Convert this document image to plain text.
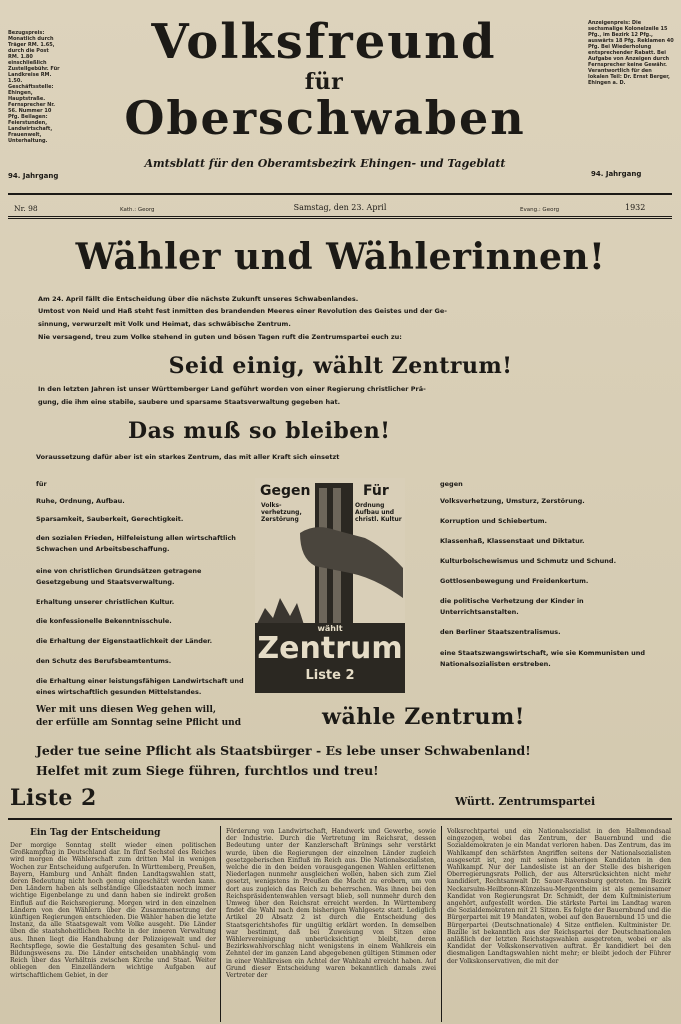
Bezugspreis: Monatlich durch Träger RM. 1.65, durch die Post RM. 1.80 einschließlich Zustellgebühr. Für Landkreise RM. 1.50. Geschäftsstelle: Ehingen, Hauptstraße. Fernsprecher Nr. 56. Nummer 10 Pfg. Beilagen: Feierstunden, Landwirtschaft, Frauenwelt, Unterhaltung.
94. Jahrgang
Anzeigenpreis: Die sechsmalige Kolonelzeile 15 Pfg., im Bezirk 12 Pfg., auswärts 18 Pfg. Reklamen 40 Pfg. Bei Wiederholung entsprechender Rabatt. Bei Aufgabe von Anzeigen durch Fernsprecher keine Gewähr. Verantwortlich für den lokalen Teil: Dr. Ernst Berger, Ehingen a. D.
94. Jahrgang
Volksfreund
für
Oberschwaben
Amtsblatt für den Oberamtsbezirk Ehingen- und Tageblatt
Nr. 98	Kath.: Georg	Samstag, den 23. April	Evang.: Georg	1932
Wähler und Wählerinnen!
Am 24. April fällt die Entscheidung über die nächste Zukunft unseres Schwabenlandes.
Umtost von Neid und Haß steht fest inmitten des brandenden Meeres einer Revolution des Geistes und der Ge-
sinnung, verwurzelt mit Volk und Heimat, das schwäbische Zentrum.
Nie versagend, treu zum Volke stehend in guten und bösen Tagen ruft die Zentrumspartei euch zu:
Seid einig, wählt Zentrum!
In den letzten Jahren ist unser Württemberger Land geführt worden von einer Regierung christlicher Prä-
gung, die ihm eine stabile, saubere und sparsame Staatsverwaltung gegeben hat.
Das muß so bleiben!
Voraussetzung dafür aber ist ein starkes Zentrum, das mit aller Kraft sich einsetzt
für
Ruhe, Ordnung, Aufbau.
Sparsamkeit, Sauberkeit, Gerechtigkeit.
den sozialen Frieden, Hilfeleistung allen wirtschaftlich Schwachen und Arbeitsbeschaffung.
eine von christlichen Grundsätzen getragene Gesetzgebung und Staatsverwaltung.
Erhaltung unserer christlichen Kultur.
die konfessionelle Bekenntnisschule.
die Erhaltung der Eigenstaatlichkeit der Länder.
den Schutz des Berufsbeamtentums.
die Erhaltung einer leistungsfähigen Landwirtschaft und eines wirtschaftlich gesunden Mittelstandes.
gegen
Volksverhetzung, Umsturz, Zerstörung.
Korruption und Schiebertum.
Klassenhaß, Klassenstaat und Diktatur.
Kulturbolschewismus und Schmutz und Schund.
Gottlosenbewegung und Freidenkertum.
die politische Verhetzung der Kinder in Unterrichtsanstalten.
den Berliner Staatszentralismus.
eine Staatszwangswirtschaft, wie sie Kommunisten und Nationalsozialisten erstreben.
Gegen	Für
Volks-
verhetzung,
Zerstörung
Ordnung
Aufbau und
christl. Kultur
wählt
Zentrum
Liste 2
Wer mit uns diesen Weg gehen will,
der erfülle am Sonntag seine Pflicht und	wähle Zentrum!
Jeder tue seine Pflicht als Staatsbürger - Es lebe unser Schwabenland!
Helfet mit zum Siege führen, furchtlos und treu!
Liste 2	Württ. Zentrumspartei
Ein Tag der Entscheidung
Der morgige Sonntag stellt wieder einen politischen Großkampftag in Deutschland dar. In fünf Sechstel des Reiches wird morgen die Wählerschaft zum dritten Mal in wenigen Wochen zur Entscheidung aufgerufen. In Württemberg, Preußen, Bayern, Hamburg und Anhalt finden Landtagswahlen statt, deren Bedeutung nicht hoch genug eingeschätzt werden kann. Den Ländern haben als selbständige Gliedstaaten noch immer wichtige Eigenbelange zu und dann haben sie indirekt großen Einfluß auf die Reichsregierung. Morgen wird in den einzelnen Ländern von den Wählern über die Zusammensetzung der künftigen Regierungen entschieden. Die Wähler haben die letzte Instanz, da alle Staatsgewalt vom Volke ausgeht. Die Länder üben die staatshoheitlichen Rechte in der inneren Verwaltung aus. Ihnen liegt die Handhabung der Polizeigewalt und der Rechtspflege, sowie die Gestaltung des gesamten Schul- und Bildungswesens zu. Die Länder entscheiden unabhängig vom Reich über das Verhältnis zwischen Kirche und Staat. Weiter obliegen den Einzelländern wichtige Aufgaben auf wirtschaftlichem Gebiet, in der
Förderung von Landwirtschaft, Handwerk und Gewerbe, sowie der Industrie. Durch die Vertretung im Reichsrat, dessen Bedeutung unter der Kanzlerschaft Brünings sehr verstärkt wurde, üben die Regierungen der einzelnen Länder zugleich gesetzgeberischen Einfluß im Reich aus. Die Nationalsozialisten, welche die in den beiden vorausgegangenen Wahlen erlittenen Niederlagen nunmehr ausgleichen wollen, haben sich zum Ziel gesetzt, wenigstens in Preußen die Macht zu erobern, um von dort aus zugleich das Reich zu beherrschen. Was ihnen bei den Reichspräsidentenwahlen versagt blieb, soll nunmehr durch den Umweg über den Reichsrat erreicht werden. In Württemberg findet die Wahl nach dem bisherigen Wahlgesetz statt. Lediglich Artikel 20 Absatz 2 ist durch die Entscheidung des Staatsgerichtshofes für ungültig erklärt worden. In demselben war bestimmt, daß bei Zuweisung von Sitzen eine Wählervereinigung unberücksichtigt bleibt, deren Bezirkswahlvorschlag nicht wenigstens in einem Wahlkreis ein Zehntel der im ganzen Land abgegebenen gültigen Stimmen oder in einer Wahlkreisen ein Achtel der Wahlzahl erreicht haben. Auf Grund dieser Entscheidung waren bekanntlich damals zwei Vertreter der
Volksrechtpartei und ein Nationalsozialist in den Halbmondsaal eingezogen, wobei das Zentrum, der Bauernbund und die Sozialdemokraten je ein Mandat verloren haben. Das Zentrum, das im Wahlkampf den schärfsten Angriffen seitens der Nationalsozialisten ausgesetzt ist, zog mit seinen bisherigen Kandidaten in den Wahlkampf. Nur der Landesliste ist an der Stelle des bisherigen Oberregierungsrats Pollich, der aus Altersrücksichten nicht mehr kandidiert, Rechtsanwalt Dr. Sauer-Ravensburg getreten. Im Bezirk Neckarsulm-Heilbronn-Künzelsau-Mergentheim ist als gemeinsamer Kandidat von Regierungsrat Dr. Schmidt, der dem Kultministerium angehört, aufgestellt worden. Die stärkste Partei im Landtag waren die Sozialdemokraten mit 21 Sitzen. Es folgte der Bauernbund und die Bürgerpartei mit 19 Mandaten, wobei auf den Bauernbund 15 und die Bürgerpartei (Deutschnationale) 4 Sitze entfielen. Kultminister Dr. Bazille ist bekanntlich aus der Reichspartei der Deutschnationalen anläßlich der letzten Reichstagswahlen ausgetreten, wobei er als Kandidat der Volkskonservativen auftrat. Er kandidiert bei den diesmaligen Landtagswahlen nicht mehr; er bleibt jedoch der Führer der Volkskonservativen, die mit der
